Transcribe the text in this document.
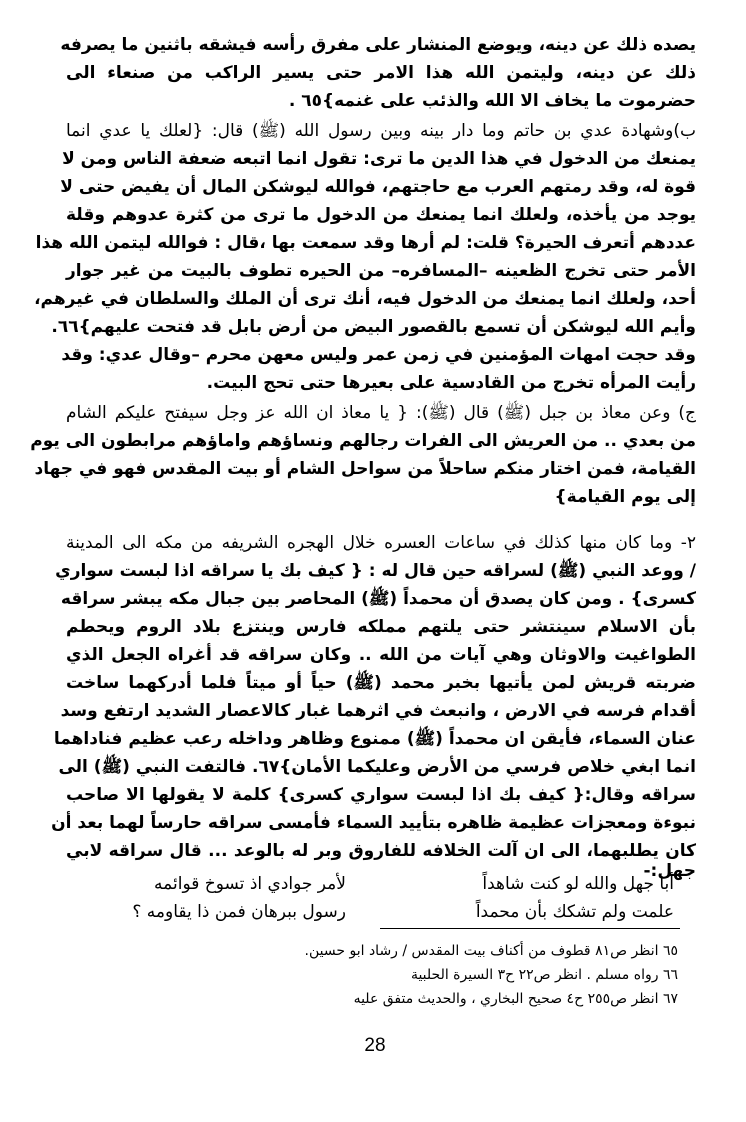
يصده ذلك عن دينه، ويوضع المنشار على مفرق رأسه فيشقه باثنين ما يصرفه
ذلك عن دينه، وليتمن الله هذا الامر حتى يسير الراكب من صنعاء الى
حضرموت ما يخاف الا الله والذئب على غنمه}٦٥ .
ب)وشهادة عدي بن حاتم وما دار بينه وبين رسول الله (ﷺ) قال: {لعلك يا عدي انما
يمنعك من الدخول في هذا الدين ما ترى: تقول انما اتبعه ضعفة الناس ومن لا
قوة له، وقد رمتهم العرب مع حاجتهم، فوالله ليوشكن المال أن يفيض حتى لا
يوجد من يأخذه، ولعلك انما يمنعك من الدخول ما ترى من كثرة عدوهم وقلة
عددهم أتعرف الحيرة؟ قلت: لم أرها وقد سمعت بها ،قال : فوالله ليتمن الله هذا
الأمر حتى تخرج الظعينه –المسافره– من الحيره تطوف بالبيت من غير جوار
أحد، ولعلك انما يمنعك من الدخول فيه، أنك ترى أن الملك والسلطان في غيرهم،
وأيم الله ليوشكن أن تسمع بالقصور البيض من أرض بابل قد فتحت عليهم}٦٦.
وقد حجت امهات المؤمنين في زمن عمر وليس معهن محرم –وقال عدي: وقد
رأيت المرأه تخرج من القادسية على بعيرها حتى تحج البيت.
ج) وعن معاذ بن جبل (ﷺ) قال (ﷺ): { يا معاذ ان الله عز وجل سيفتح عليكم الشام
من بعدي .. من العريش الى الفرات رجالهم ونساؤهم واماؤهم مرابطون الى يوم
القيامة، فمن اختار منكم ساحلاً من سواحل الشام أو بيت المقدس فهو في جهاد
إلى يوم القيامة}
٢- وما كان منها كذلك في ساعات العسره خلال الهجره الشريفه من مكه الى المدينة
/ ووعد النبي (ﷺ) لسراقه حين قال له : { كيف بك يا سراقه اذا لبست سواري
كسرى} . ومن كان يصدق أن محمداً (ﷺ) المحاصر بين جبال مكه يبشر سراقه
بأن الاسلام سينتشر حتى يلتهم مملكه فارس وينتزع بلاد الروم ويحطم
الطواغيت والاوثان وهي آيات من الله .. وكان سراقه قد أغراه الجعل الذي
ضربته قريش لمن يأتيها بخبر محمد (ﷺ) حياً أو ميتاً فلما أدركهما ساخت
أقدام فرسه في الارض ، وانبعث في اثرهما غبار كالاعصار الشديد ارتفع وسد
عنان السماء، فأيقن ان محمداً (ﷺ) ممنوع وظاهر وداخله رعب عظيم فناداهما
انما ابغي خلاص فرسي من الأرض وعليكما الأمان}٦٧. فالتفت النبي (ﷺ) الى
سراقه وقال:{ كيف بك اذا لبست سواري كسرى} كلمة لا يقولها الا صاحب
نبوءة ومعجزات عظيمة ظاهره بتأييد السماء فأمسى سراقه حارساً لهما بعد أن
كان يطلبهما، الى ان آلت الخلافه للفاروق وبر له بالوعد ... قال سراقه لابي
جهل:-
أبا جهل والله لو كنت شاهداً
لأمر جوادي اذ تسوخ قوائمه
علمت ولم تشكك بأن محمداً
رسول ببرهان فمن ذا يقاومه ؟
٦٥ انظر ص٨١ قطوف من أكناف بيت المقدس / رشاد ابو حسين.
٦٦ رواه مسلم . انظر ص٢٢ ح٣ السيرة الحلبية
٦٧ انظر ص٢٥٥ ح٤ صحيح البخاري ، والحديث متفق عليه
28
